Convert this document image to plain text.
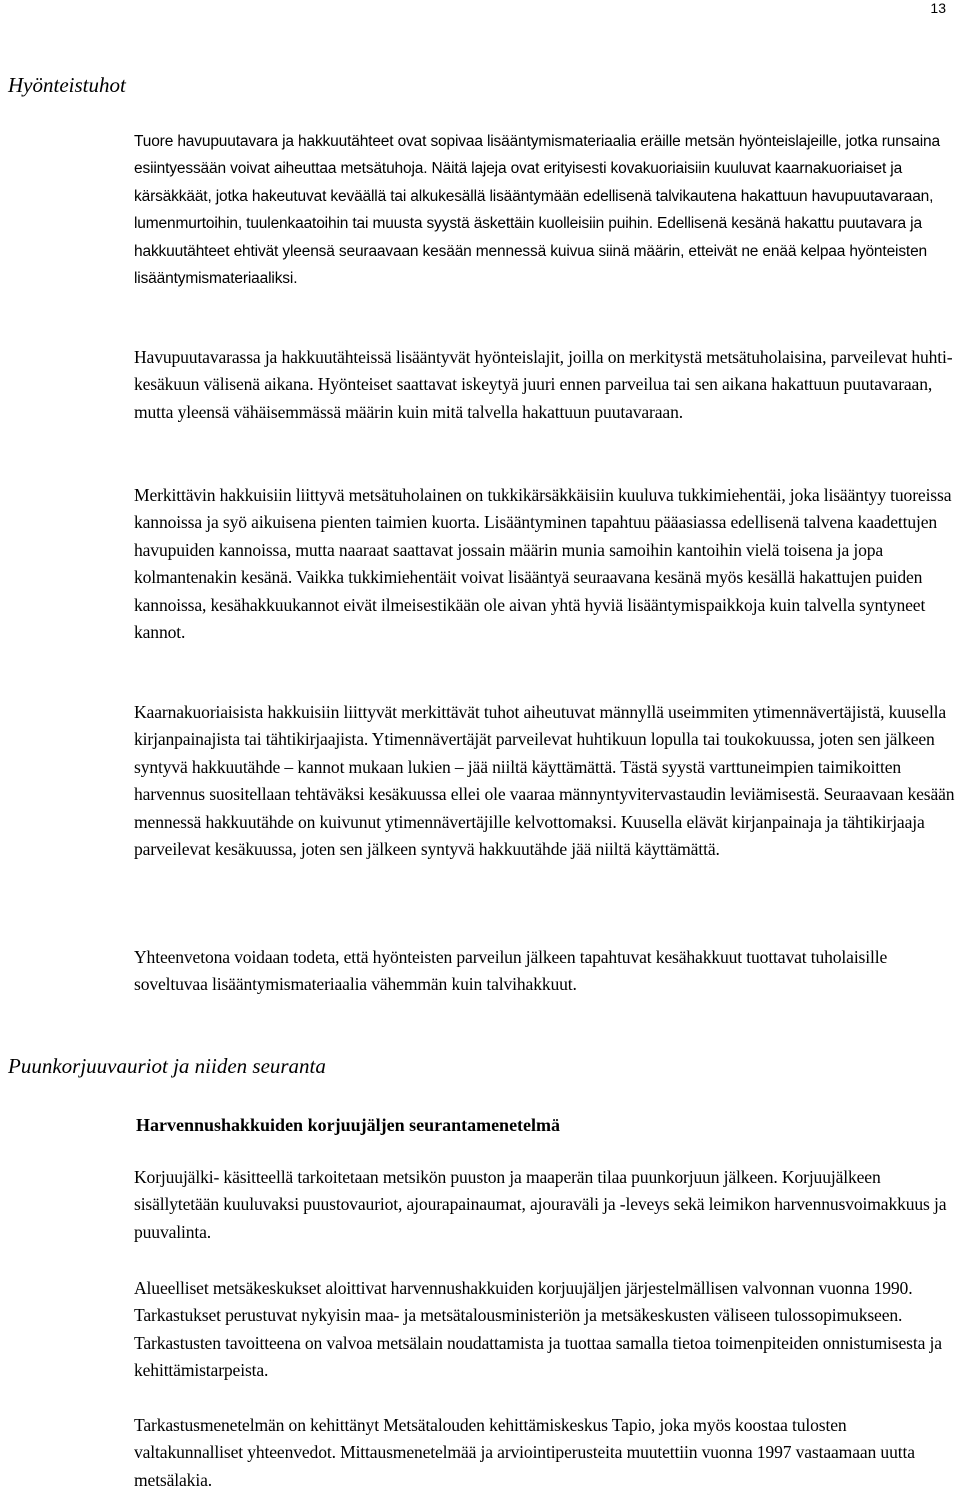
13
Hyönteistuhot

Tuore havupuutavara ja hakkuutähteet ovat sopivaa lisääntymismateriaalia eräille metsän hyönteislajeille, jotka runsaina esiintyessään voivat aiheuttaa metsätuhoja. Näitä lajeja ovat erityisesti kovakuoriaisiin kuuluvat kaarnakuoriaiset ja kärsäkkäät, jotka hakeutuvat keväällä tai alkukesällä lisääntymään edellisenä talvikautena hakattuun havupuutavaraan, lumenmurtoihin, tuulenkaatoihin tai muusta syystä äskettäin kuolleisiin puihin. Edellisenä kesänä hakattu puutavara ja hakkuutähteet ehtivät yleensä seuraavaan kesään mennessä kuivua siinä määrin, etteivät ne enää kelpaa hyönteisten lisääntymismateriaaliksi.

Havupuutavarassa ja hakkuutähteissä lisääntyvät hyönteislajit, joilla on merkitystä metsätuholaisina, parveilevat huhti-kesäkuun välisenä aikana. Hyönteiset saattavat iskeytyä juuri ennen parveilua tai sen aikana hakattuun puutavaraan, mutta yleensä vähäisemmässä määrin kuin mitä talvella hakattuun puutavaraan.

Merkittävin hakkuisiin liittyvä metsätuholainen on tukkikärsäkkäisiin kuuluva tukkimiehentäi, joka lisääntyy tuoreissa kannoissa ja syö aikuisena pienten taimien kuorta. Lisääntyminen tapahtuu pääasiassa edellisenä talvena kaadettujen havupuiden kannoissa, mutta naaraat saattavat jossain määrin munia samoihin kantoihin vielä toisena ja jopa kolmantenakin kesänä. Vaikka tukkimiehentäit voivat lisääntyä seuraavana kesänä myös kesällä hakattujen puiden kannoissa, kesähakkuukannot eivät ilmeisestikään ole aivan yhtä hyviä lisääntymispaikkoja kuin talvella syntyneet kannot.

Kaarnakuoriaisista hakkuisiin liittyvät merkittävät tuhot aiheutuvat männyllä useimmiten ytimennävertäjistä, kuusella kirjanpainajista tai tähtikirjaajista. Ytimennävertäjät parveilevat huhtikuun lopulla tai toukokuussa, joten sen jälkeen syntyvä hakkuutähde – kannot mukaan lukien – jää niiltä käyttämättä. Tästä syystä varttuneimpien taimikoitten harvennus suositellaan tehtäväksi kesäkuussa ellei ole vaaraa männyntyvitervastaudin leviämisestä. Seuraavaan kesään mennessä hakkuutähde on kuivunut ytimennävertäjille kelvottomaksi. Kuusella elävät kirjanpainaja ja tähtikirjaaja parveilevat kesäkuussa, joten sen jälkeen syntyvä hakkuutähde jää niiltä käyttämättä.

Yhteenvetona voidaan todeta, että hyönteisten parveilun jälkeen tapahtuvat kesähakkuut tuottavat tuholaisille soveltuvaa lisääntymismateriaalia vähemmän kuin talvihakkuut.

Puunkorjuuvauriot ja niiden seuranta
Harvennushakkuiden korjuujäljen seurantamenetelmä

Korjuujälki- käsitteellä tarkoitetaan metsikön puuston ja maaperän tilaa puunkorjuun jälkeen. Korjuujälkeen sisällytetään kuuluvaksi puustovauriot, ajourapainaumat, ajouraväli ja -leveys sekä leimikon harvennusvoimakkuus ja puuvalinta.

Alueelliset metsäkeskukset aloittivat harvennushakkuiden korjuujäljen järjestelmällisen valvonnan vuonna 1990. Tarkastukset perustuvat nykyisin maa- ja metsätalousministeriön ja metsäkeskusten väliseen tulossopimukseen. Tarkastusten tavoitteena on valvoa metsälain noudattamista ja tuottaa samalla tietoa toimenpiteiden onnistumisesta ja kehittämistarpeista.

Tarkastusmenetelmän on kehittänyt Metsätalouden kehittämiskeskus Tapio, joka myös koostaa tulosten valtakunnalliset yhteenvedot. Mittausmenetelmää ja arviointiperusteita muutettiin vuonna 1997 vastaamaan uutta metsälakia.
